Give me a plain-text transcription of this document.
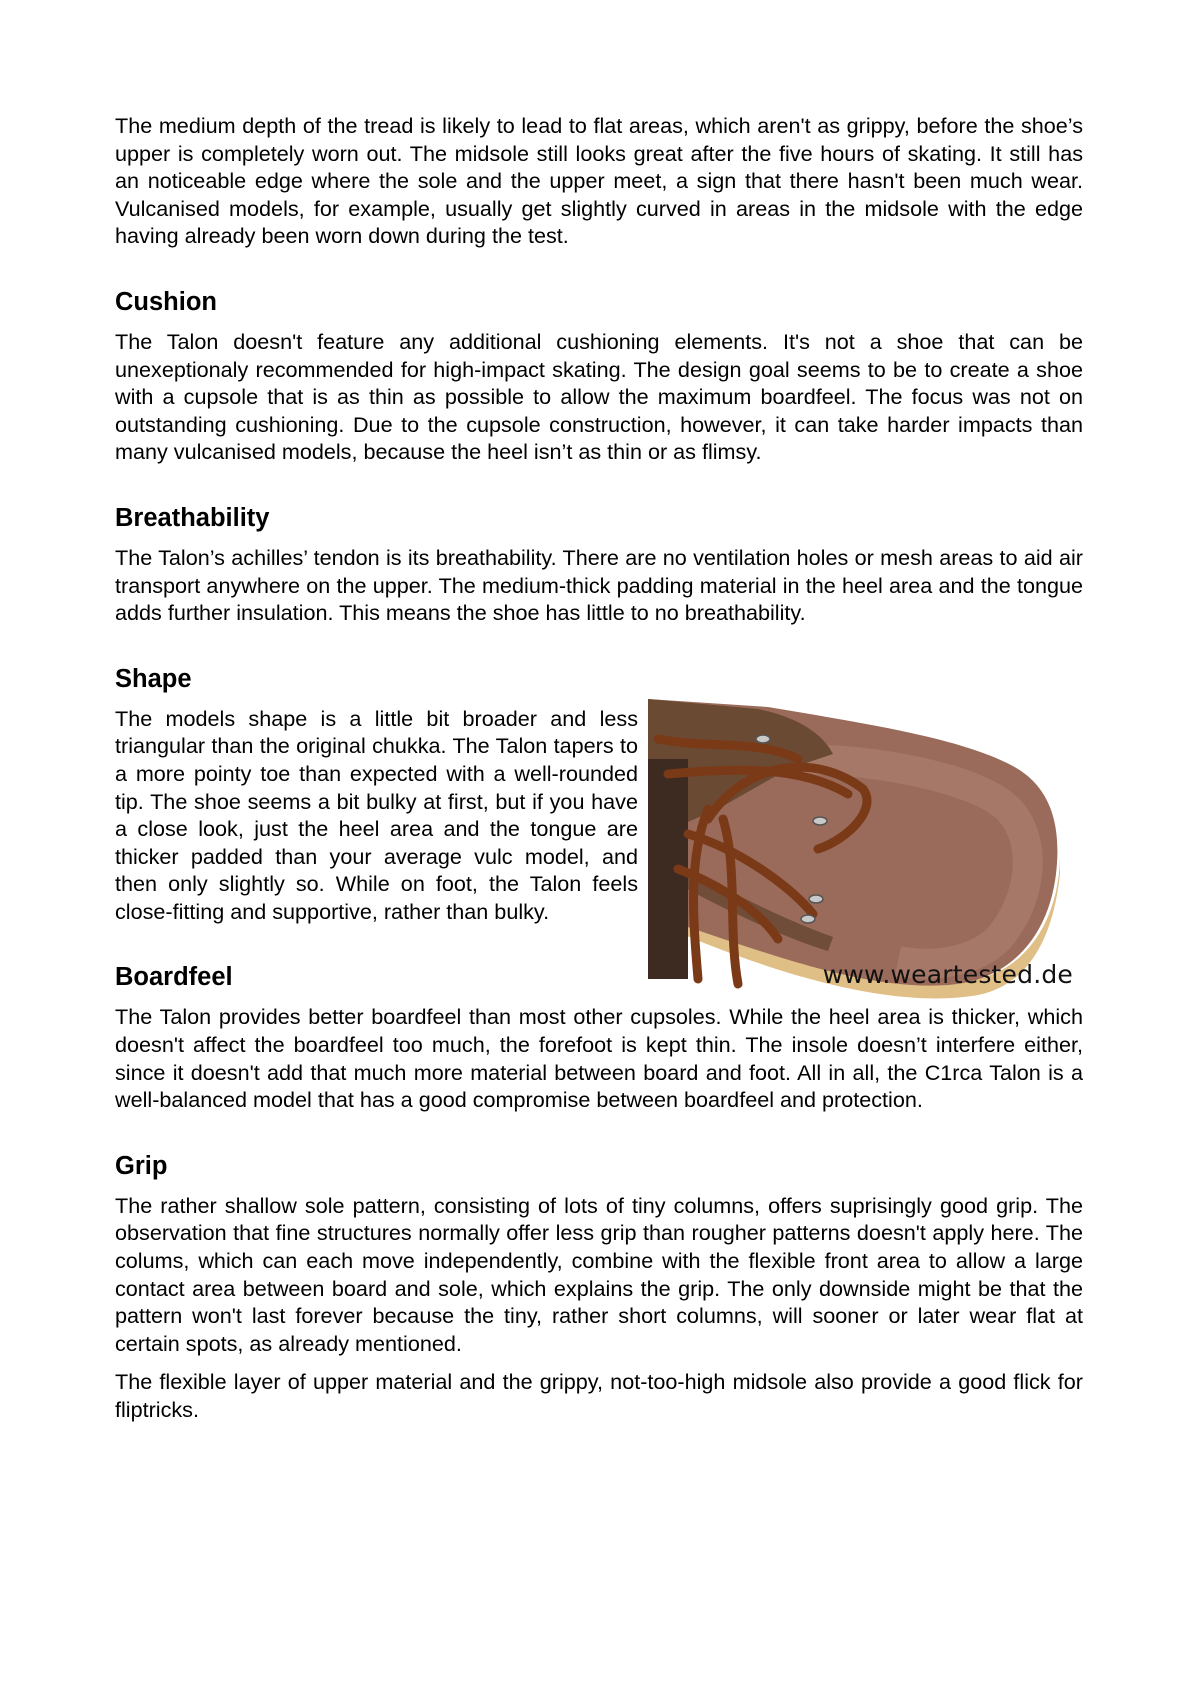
The medium depth of the tread is likely to lead to flat areas, which aren't as grippy, before the shoe’s upper is completely worn out. The midsole still looks great after the five hours of skating. It still has an noticeable edge where the sole and the upper meet, a sign that there hasn't been much wear. Vulcanised models, for example, usually get slightly curved in areas in the midsole with the edge having already been worn down during the test.

Cushion

The Talon doesn't feature any additional cushioning elements. It's not a shoe that can be unexeptionaly recommended for high-impact skating. The design goal seems to be to create a shoe with a cupsole that is as thin as possible to allow the maximum boardfeel. The focus was not on outstanding cushioning. Due to the cupsole construction, however, it can take harder impacts than many vulcanised models, because the heel isn’t as thin or as flimsy.

Breathability

The Talon’s achilles’ tendon is its breathability. There are no ventilation holes or mesh areas to aid air transport anywhere on the upper. The medium-thick padding material in the heel area and the tongue adds further insulation. This means the shoe has little to no breathability.

Shape

The models shape is a little bit broader and less triangular than the original chukka. The Talon tapers to a more pointy toe than expected with a well-rounded tip. The shoe seems a bit bulky at first, but if you have a close look, just the heel area and the tongue are thicker padded than your average vulc model, and then only slightly so. While on foot, the Talon feels close-fitting and supportive, rather than bulky.

www.weartested.de
Boardfeel

The Talon provides better boardfeel than most other cupsoles. While the heel area is thicker, which doesn't affect the boardfeel too much, the forefoot is kept thin. The insole doesn’t interfere either, since it doesn't add that much more material between board and foot. All in all, the C1rca Talon is a well-balanced model that has a good compromise between boardfeel and protection.

Grip

The rather shallow sole pattern, consisting of lots of tiny columns, offers suprisingly good grip. The observation that fine structures normally offer less grip than rougher patterns doesn't apply here. The colums, which can each move independently, combine with the flexible front area to allow a large contact area between board and sole, which explains the grip. The only downside might be that the pattern won't last forever because the tiny, rather short columns, will sooner or later wear flat at certain spots, as already mentioned.

The flexible layer of upper material and the grippy, not-too-high midsole also provide a good flick for fliptricks.
